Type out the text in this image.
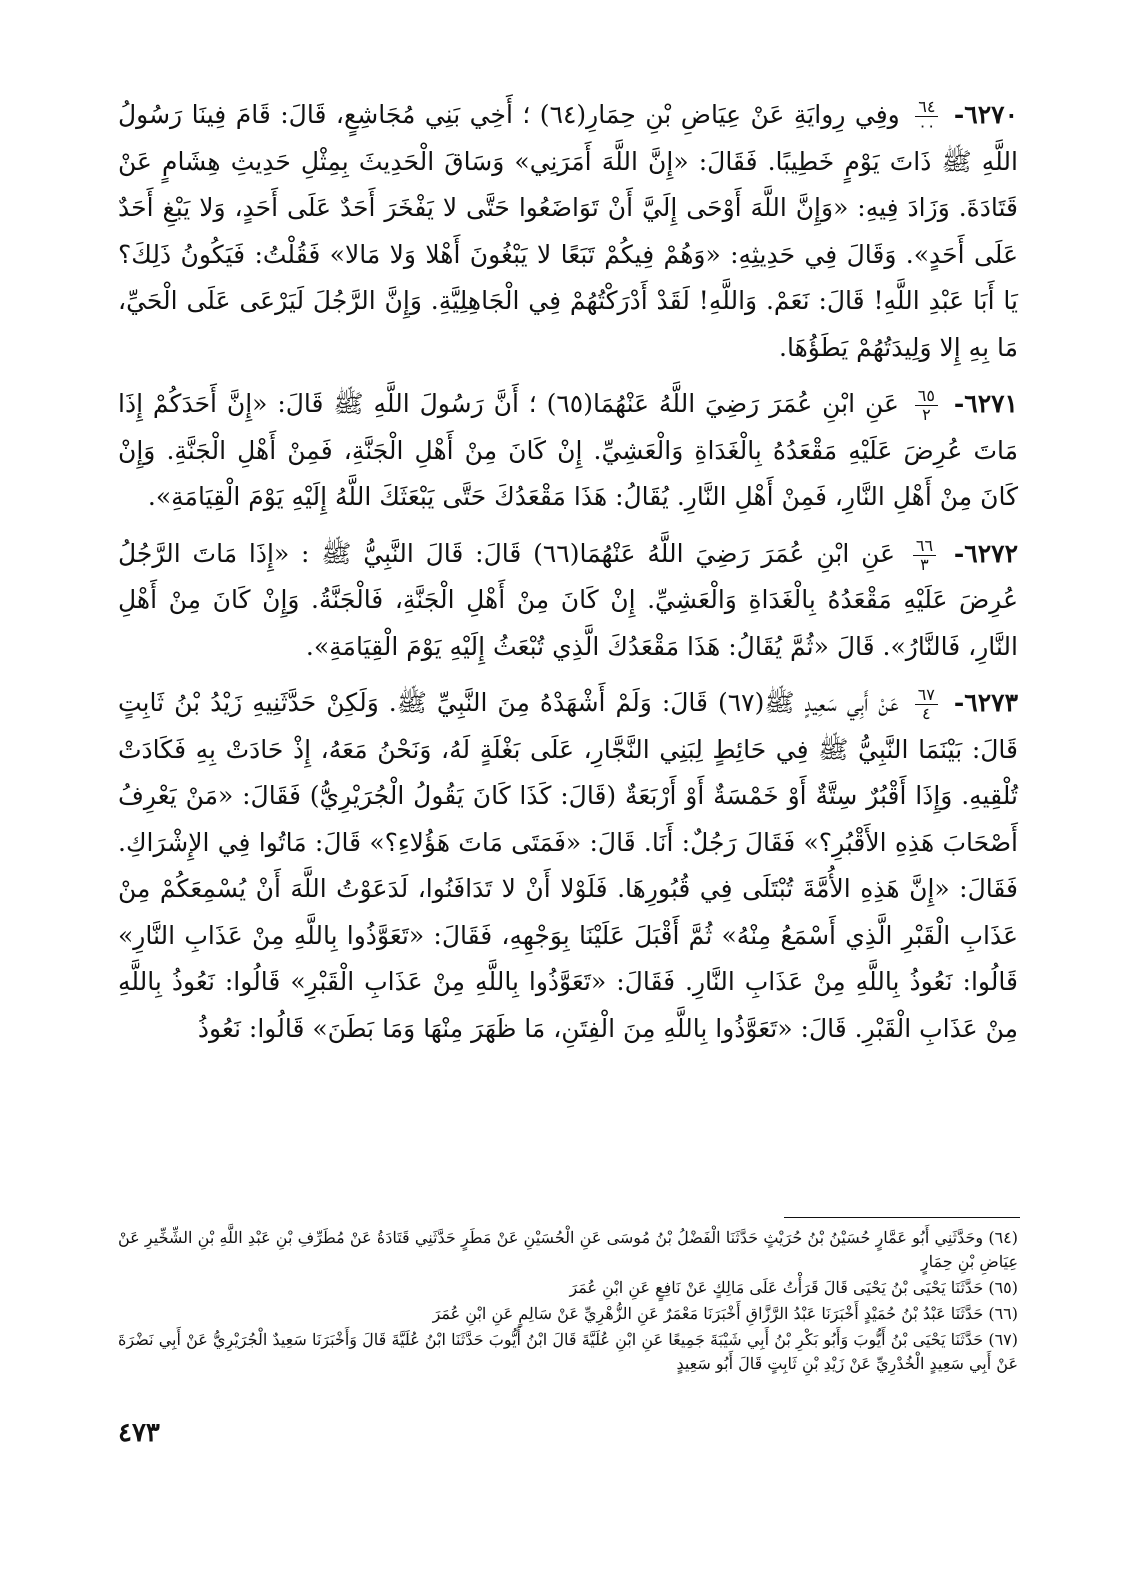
٦٢٧٠-
$\frac{٦٤}{٠٠}$
وفِي رِوايَةِ عَنْ عِيَاضِ بْنِ حِمَارِ(٦٤) ؛ أَخِي بَنِي مُجَاشِعٍ، قَالَ: قَامَ فِينَا رَسُولُ اللَّهِ ﷺ ذَاتَ يَوْمٍ خَطِيبًا. فَقَالَ: «إِنَّ اللَّهَ أَمَرَنِي» وَسَاقَ الْحَدِيثَ بِمِثْلِ حَدِيثِ هِشَامٍ عَنْ قَتَادَةَ. وَزَادَ فِيهِ: «وَإِنَّ اللَّهَ أَوْحَى إِلَيَّ أَنْ تَوَاضَعُوا حَتَّى لا يَفْخَرَ أَحَدٌ عَلَى أَحَدٍ، وَلا يَبْغِ أَحَدٌ عَلَى أَحَدٍ». وَقَالَ فِي حَدِيثِهِ: «وَهُمْ فِيكُمْ تَبَعًا لا يَبْغُونَ أَهْلا وَلا مَالا» فَقُلْتُ: فَيَكُونُ ذَلِكَ؟ يَا أَبَا عَبْدِ اللَّهِ! قَالَ: نَعَمْ. وَاللَّهِ! لَقَدْ أَدْرَكْتُهُمْ فِي الْجَاهِلِيَّةِ. وَإِنَّ الرَّجُلَ لَيَرْعَى عَلَى الْحَيِّ، مَا بِهِ إِلا وَلِيدَتُهُمْ يَطَؤُهَا.

٦٢٧١-
$\frac{٦٥}{٢}$
عَنِ ابْنِ عُمَرَ رَضِيَ اللَّهُ عَنْهُمَا(٦٥) ؛ أَنَّ رَسُولَ اللَّهِ ﷺ قَالَ: «إِنَّ أَحَدَكُمْ إِذَا مَاتَ عُرِضَ عَلَيْهِ مَقْعَدُهُ بِالْغَدَاةِ وَالْعَشِيِّ. إِنْ كَانَ مِنْ أَهْلِ الْجَنَّةِ، فَمِنْ أَهْلِ الْجَنَّةِ. وَإِنْ كَانَ مِنْ أَهْلِ النَّارِ، فَمِنْ أَهْلِ النَّارِ. يُقَالُ: هَذَا مَقْعَدُكَ حَتَّى يَبْعَثَكَ اللَّهُ إِلَيْهِ يَوْمَ الْقِيَامَةِ».

٦٢٧٢-
$\frac{٦٦}{٣}$
عَنِ ابْنِ عُمَرَ رَضِيَ اللَّهُ عَنْهُمَا(٦٦) قَالَ: قَالَ النَّبِيُّ ﷺ : «إِذَا مَاتَ الرَّجُلُ عُرِضَ عَلَيْهِ مَقْعَدُهُ بِالْغَدَاةِ وَالْعَشِيِّ. إِنْ كَانَ مِنْ أَهْلِ الْجَنَّةِ، فَالْجَنَّةُ. وَإِنْ كَانَ مِنْ أَهْلِ النَّارِ، فَالنَّارُ». قَالَ «ثُمَّ يُقَالُ: هَذَا مَقْعَدُكَ الَّذِي تُبْعَثُ إِلَيْهِ يَوْمَ الْقِيَامَةِ».

٦٢٧٣-
$\frac{٦٧}{٤}$
عَنْ أَبِي سَعِيدٍ ﷺ(٦٧) قَالَ: وَلَمْ أَشْهَدْهُ مِنَ النَّبِيِّ ﷺ. وَلَكِنْ حَدَّثَنِيهِ زَيْدُ بْنُ ثَابِتٍ قَالَ: بَيْنَمَا النَّبِيُّ ﷺ فِي حَائِطٍ لِبَنِي النَّجَّارِ، عَلَى بَغْلَةٍ لَهُ، وَنَحْنُ مَعَهُ، إِذْ حَادَتْ بِهِ فَكَادَتْ تُلْقِيهِ. وَإِذَا أَقْبُرٌ سِتَّةٌ أَوْ خَمْسَةٌ أَوْ أَرْبَعَةٌ (قَالَ: كَذَا كَانَ يَقُولُ الْجُرَيْرِيُّ) فَقَالَ: «مَنْ يَعْرِفُ أَصْحَابَ هَذِهِ الأَقْبُرِ؟» فَقَالَ رَجُلٌ: أَنَا. قَالَ: «فَمَتَى مَاتَ هَؤُلاءِ؟» قَالَ: مَاتُوا فِي الإِشْرَاكِ. فَقَالَ: «إِنَّ هَذِهِ الأُمَّةَ تُبْتَلَى فِي قُبُورِهَا. فَلَوْلا أَنْ لا تَدَافَنُوا، لَدَعَوْتُ اللَّهَ أَنْ يُسْمِعَكُمْ مِنْ عَذَابِ الْقَبْرِ الَّذِي أَسْمَعُ مِنْهُ» ثُمَّ أَقْبَلَ عَلَيْنَا بِوَجْهِهِ، فَقَالَ: «تَعَوَّذُوا بِاللَّهِ مِنْ عَذَابِ النَّارِ» قَالُوا: نَعُوذُ بِاللَّهِ مِنْ عَذَابِ النَّارِ. فَقَالَ: «تَعَوَّذُوا بِاللَّهِ مِنْ عَذَابِ الْقَبْرِ» قَالُوا: نَعُوذُ بِاللَّهِ مِنْ عَذَابِ الْقَبْرِ. قَالَ: «تَعَوَّذُوا بِاللَّهِ مِنَ الْفِتَنِ، مَا ظَهَرَ مِنْهَا وَمَا بَطَنَ» قَالُوا: نَعُوذُ

(٦٤) وحَدَّثَنِي أَبُو عَمَّارٍ حُسَيْنُ بْنُ حُرَيْثٍ حَدَّثَنَا الْفَضْلُ بْنُ مُوسَى عَنِ الْحُسَيْنِ عَنْ مَطَرٍ حَدَّثَنِي قَتَادَةُ عَنْ مُطَرِّفِ بْنِ عَبْدِ اللَّهِ بْنِ الشِّخِّيرِ عَنْ عِيَاضِ بْنِ حِمَارٍ

(٦٥) حَدَّثَنَا يَحْيَى بْنُ يَحْيَى قَالَ قَرَأْتُ عَلَى مَالِكٍ عَنْ نَافِعٍ عَنِ ابْنِ عُمَرَ

(٦٦) حَدَّثَنَا عَبْدُ بْنُ حُمَيْدٍ أَخْبَرَنَا عَبْدُ الرَّزَّاقِ أَخْبَرَنَا مَعْمَرٌ عَنِ الزُّهْرِيِّ عَنْ سَالِمٍ عَنِ ابْنِ عُمَرَ

(٦٧) حَدَّثَنَا يَحْيَى بْنُ أَيُّوبَ وَأَبُو بَكْرِ بْنُ أَبِي شَيْبَةَ جَمِيعًا عَنِ ابْنِ عُلَيَّةَ قَالَ ابْنُ أَيُّوبَ حَدَّثَنَا ابْنُ عُلَيَّةَ قَالَ وَأَخْبَرَنَا سَعِيدٌ الْجُرَيْرِيُّ عَنْ أَبِي نَضْرَةَ عَنْ أَبِي سَعِيدٍ الْخُدْرِيِّ عَنْ زَيْدِ بْنِ ثَابِتٍ قَالَ أَبُو سَعِيدٍ

٤٧٣
